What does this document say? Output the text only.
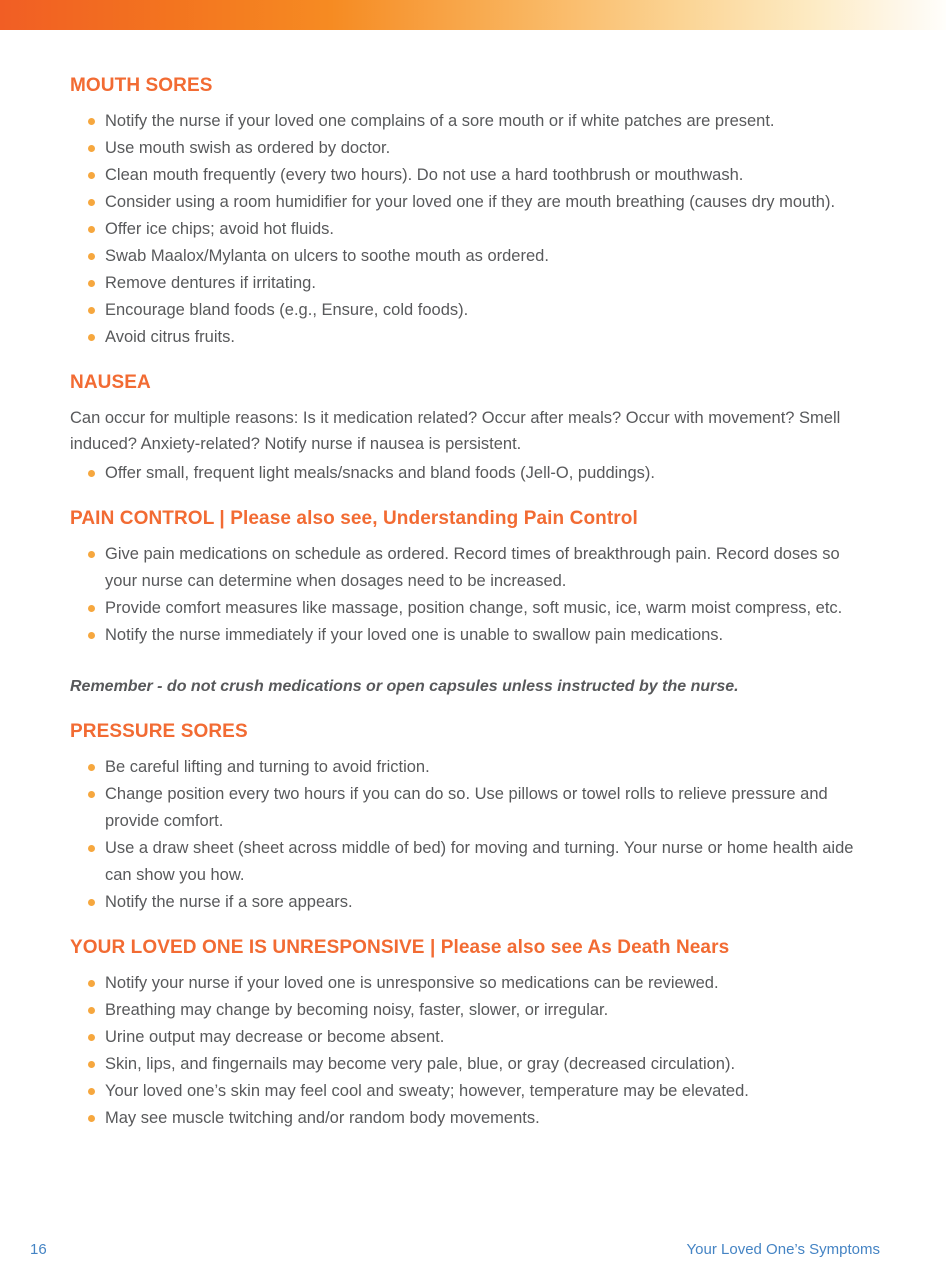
MOUTH SORES
Notify the nurse if your loved one complains of a sore mouth or if white patches are present.
Use mouth swish as ordered by doctor.
Clean mouth frequently (every two hours). Do not use a hard toothbrush or mouthwash.
Consider using a room humidifier for your loved one if they are mouth breathing (causes dry mouth).
Offer ice chips; avoid hot fluids.
Swab Maalox/Mylanta on ulcers to soothe mouth as ordered.
Remove dentures if irritating.
Encourage bland foods (e.g., Ensure, cold foods).
Avoid citrus fruits.
NAUSEA

Can occur for multiple reasons: Is it medication related? Occur after meals? Occur with movement? Smell induced? Anxiety-related? Notify nurse if nausea is persistent.

Offer small, frequent light meals/snacks and bland foods (Jell-O, puddings).
PAIN CONTROL | Please also see, Understanding Pain Control
Give pain medications on schedule as ordered. Record times of breakthrough pain. Record doses so your nurse can determine when dosages need to be increased.
Provide comfort measures like massage, position change, soft music, ice, warm moist compress, etc.
Notify the nurse immediately if your loved one is unable to swallow pain medications.

Remember - do not crush medications or open capsules unless instructed by the nurse.

PRESSURE SORES
Be careful lifting and turning to avoid friction.
Change position every two hours if you can do so. Use pillows or towel rolls to relieve pressure and provide comfort.
Use a draw sheet (sheet across middle of bed) for moving and turning. Your nurse or home health aide can show you how.
Notify the nurse if a sore appears.
YOUR LOVED ONE IS UNRESPONSIVE | Please also see As Death Nears
Notify your nurse if your loved one is unresponsive so medications can be reviewed.
Breathing may change by becoming noisy, faster, slower, or irregular.
Urine output may decrease or become absent.
Skin, lips, and fingernails may become very pale, blue, or gray (decreased circulation).
Your loved one’s skin may feel cool and sweaty; however, temperature may be elevated.
May see muscle twitching and/or random body movements.
16	Your Loved One’s Symptoms
